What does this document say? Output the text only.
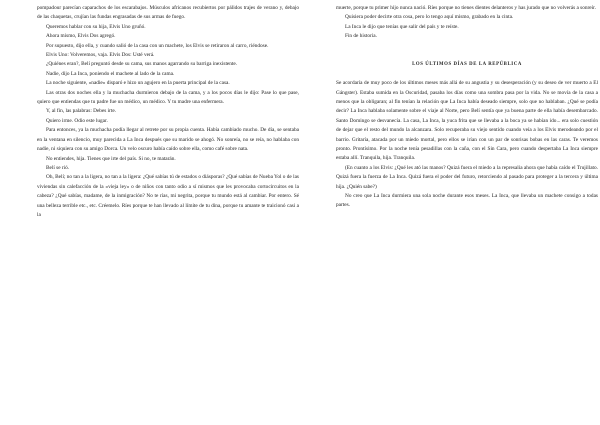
pompadour parecían caparachos de los escarabajos. Músculos africanos recubiertos por pálidos trajes de verano y, debajo de las chaquetas, crujían las fundas engrasadas de sus armas de fuego.

Queremos hablar con su hija, Elvis Uno gruñó.

Ahora mismo, Elvis Dos agregó.

Por supuesto, dijo ella, y cuando salió de la casa con un machete, los Elvis se retiraron al carro, riéndose.

Elvis Uno: Volveremos, vaja. Elvis Dos: Usté verá.

¿Quiénes eran?, Belí preguntó desde su cama, sus manos agarrando su barriga inexistente.

Nadie, dijo La Inca, poniendo el machete al lado de la cama.

La noche siguiente, «nadie» disparó e hizo un agujero en la puerta principal de la casa.

Las otras dos noches ella y la muchacha durmieron debajo de la cama, y a los pocos días le dijo: Pase lo que pase, quiero que entiendas que tu padre fue un médico, un médico. Y tu madre una enfermera.

Y, al fin, las palabras: Debes irte.

Quiero irme. Odio este lugar.

Para entonces, ya la muchacha podía llegar al retrete por su propia cuenta. Había cambiado mucho. De día, se sentaba en la ventana en silencio, muy parecida a La Inca después que su marido se ahogó. No sonreía, no se reía, no hablaba con nadie, ni siquiera con su amigo Dorca. Un velo oscuro había caído sobre ella, como café sobre nata.

No entiendes, hija. Tienes que irte del país. Si no, te matarán.

Belí se rió.

Oh, Belí; no tan a la ligera, no tan a la ligera: ¿Qué sabías tú de estados o diásporas? ¿Qué sabías de Nueba Yol o de las viviendas sin calefacción de la «vieja ley» o de niños con tanto odio a sí mismos que les provocaba cortocircuitos en la cabeza? ¿Qué sabías, madame, de la inmigración? No te rías, mi negrita, porque tu mundo está al cambiar. Por entero. Sé una belleza terrible etc., etc. Créemelo. Ríes porque te han llevado al límite de tu dina, porque tu amante te traicionó casi a la

muerte, porque tu primer hijo nunca nació. Ríes porque no tienes dientes delanteros y has jurado que no volverás a sonreír.

Quisiera poder decirte otra cosa, pero lo tengo aquí mismo, grabado en la cinta.

La Inca le dijo que tenías que salir del país y te reíste.

Fin de historia.

LOS ÚLTIMOS DÍAS DE LA REPÚBLICA

Se acordaría de muy poco de los últimos meses más allá de su angustia y su desesperación (y su deseo de ver muerto a El Gángster). Estaba sumida en la Oscuridad, pasaba los días como una sombra pasa por la vida. No se movía de la casa a menos que la obligaran; al fin tenían la relación que La Inca había deseado siempre, solo que no hablaban. ¿Qué se podía decir? La Inca hablaba solamente sobre el viaje al Norte, pero Belí sentía que ya buena parte de ella había desembarcado. Santo Domingo se desvanecía. La casa, La Inca, la yuca frita que se llevaba a la boca ya se habían ido... era solo cuestión de dejar que el resto del mundo la alcanzara. Solo recuperaba su viejo sentido cuando veía a los Elvis merodeando por el barrio. Gritaría, atacada por un miedo mortal, pero ellos se irían con un par de sonrisas bobas en las caras. Te veremos pronto. Prontísimo. Por la noche tenía pesadillas con la caña, con el Sin Cara, pero cuando despertaba La Inca siempre estaba allí. Tranquila, hija. Tranquila.

(En cuanto a los Elvis: ¿Qué les ató las manos? Quizá fuera el miedo a la represalia ahora que había caído el Trujillato. Quizá fuera la fuerza de La Inca. Quizá fuera el poder del futuro, retorciendo al pasado para proteger a la tercera y última hija. ¿Quién sabe?)

No creo que La Inca durmiera una sola noche durante esos meses. La Inca, que llevaba un machete consigo a todas partes.
